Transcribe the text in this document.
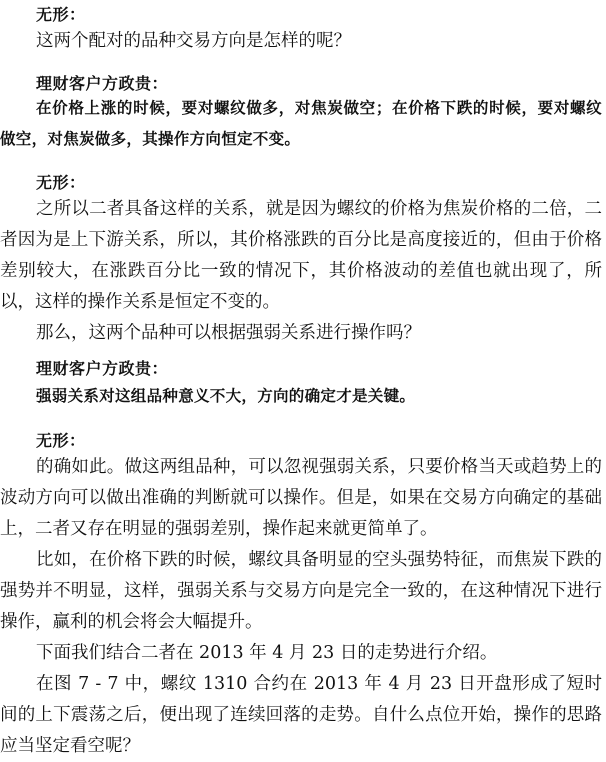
无形：

这两个配对的品种交易方向是怎样的呢？

理财客户方政贵：

在价格上涨的时候，要对螺纹做多，对焦炭做空；在价格下跌的时候，要对螺纹做空，对焦炭做多，其操作方向恒定不变。

无形：

之所以二者具备这样的关系，就是因为螺纹的价格为焦炭价格的二倍，二者因为是上下游关系，所以，其价格涨跌的百分比是高度接近的，但由于价格差别较大，在涨跌百分比一致的情况下，其价格波动的差值也就出现了，所以，这样的操作关系是恒定不变的。

那么，这两个品种可以根据强弱关系进行操作吗？

理财客户方政贵：

强弱关系对这组品种意义不大，方向的确定才是关键。

无形：

的确如此。做这两组品种，可以忽视强弱关系，只要价格当天或趋势上的波动方向可以做出准确的判断就可以操作。但是，如果在交易方向确定的基础上，二者又存在明显的强弱差别，操作起来就更简单了。

比如，在价格下跌的时候，螺纹具备明显的空头强势特征，而焦炭下跌的强势并不明显，这样，强弱关系与交易方向是完全一致的，在这种情况下进行操作，赢利的机会将会大幅提升。

下面我们结合二者在 2013 年 4 月 23 日的走势进行介绍。

在图 7 - 7 中，螺纹 1310 合约在 2013 年 4 月 23 日开盘形成了短时间的上下震荡之后，便出现了连续回落的走势。自什么点位开始，操作的思路应当坚定看空呢？
